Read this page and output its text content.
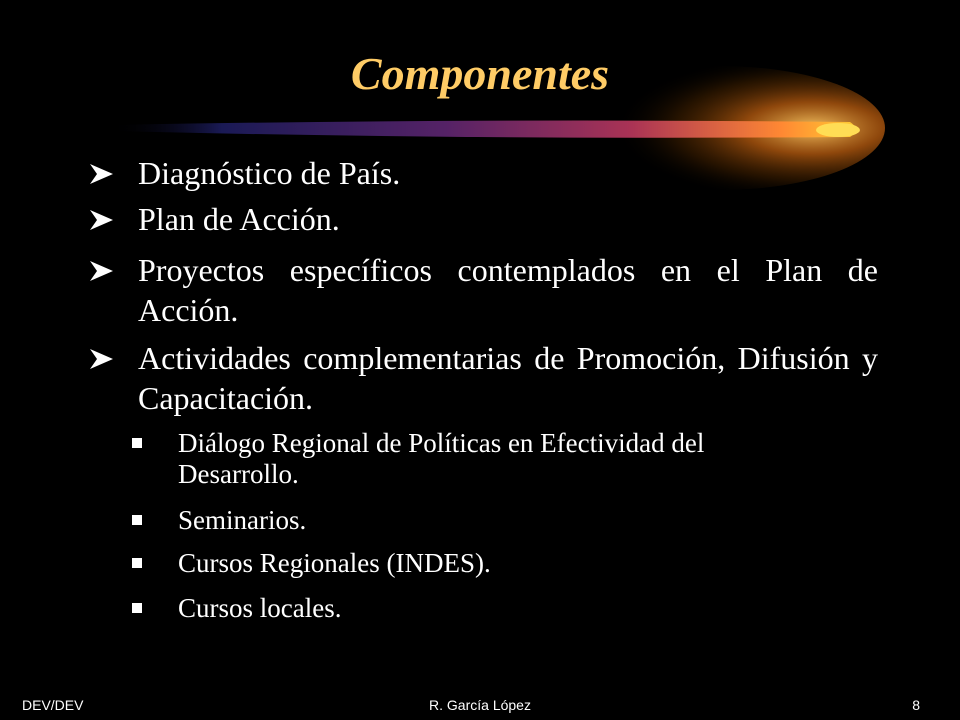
Componentes
Diagnóstico de País.
Plan de Acción.
Proyectos específicos contemplados en el Plan de Acción.
Actividades complementarias de Promoción, Difusión y Capacitación.
Diálogo Regional de Políticas en Efectividad del Desarrollo.
Seminarios.
Cursos Regionales (INDES).
Cursos locales.
DEV/DEV	R. García López	8
